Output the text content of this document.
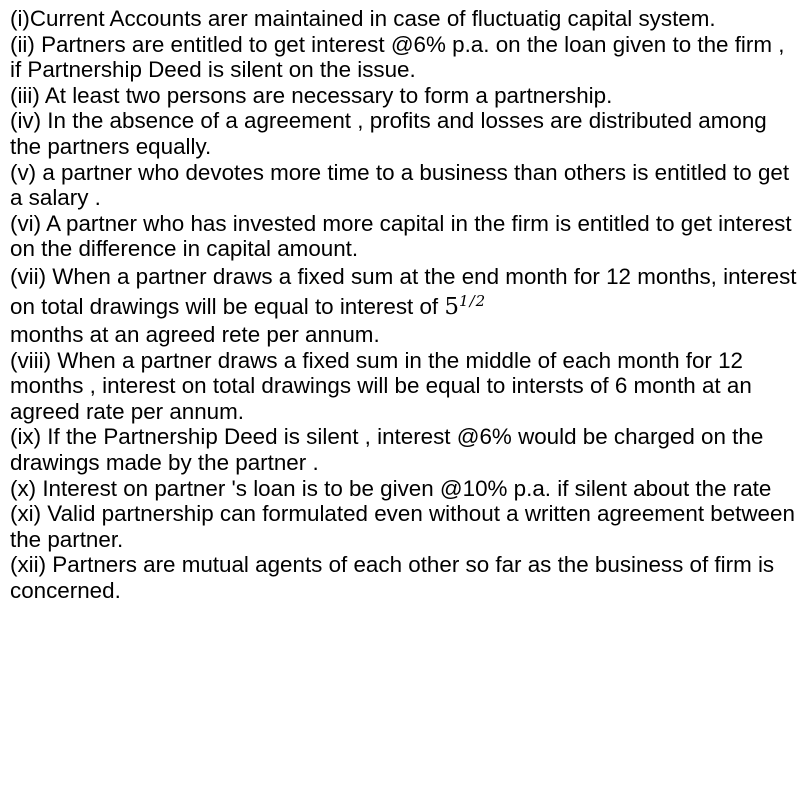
(i)Current Accounts arer maintained in case of fluctuatig capital system.

(ii) Partners are entitled to get interest @6% p.a. on the loan given to the firm , if Partnership Deed is silent on the issue.

(iii) At least two persons are necessary to form a partnership.

(iv) In the absence of a agreement , profits and losses are distributed among the partners equally.

(v) a partner who devotes more time to a business than others is entitled to get a salary .

(vi) A partner who has invested more capital in the firm is entitled to get interest on the difference in capital amount.

(vii) When a partner draws a fixed sum at the end month for 12 months, interest on total drawings will be equal to interest of $5^{1/2}$
months at an agreed rete per annum.

(viii) When a partner draws a fixed sum in the middle of each month for 12 months , interest on total drawings will be equal to intersts of 6 month at an agreed rate per annum.

(ix) If the Partnership Deed is silent , interest @6% would be charged on the drawings made by the partner .

(x) Interest on partner 's loan is to be given @10% p.a. if silent about the rate

(xi) Valid partnership can formulated even without a written agreement between the partner.

(xii) Partners are mutual agents of each other so far as the business of firm is concerned.
